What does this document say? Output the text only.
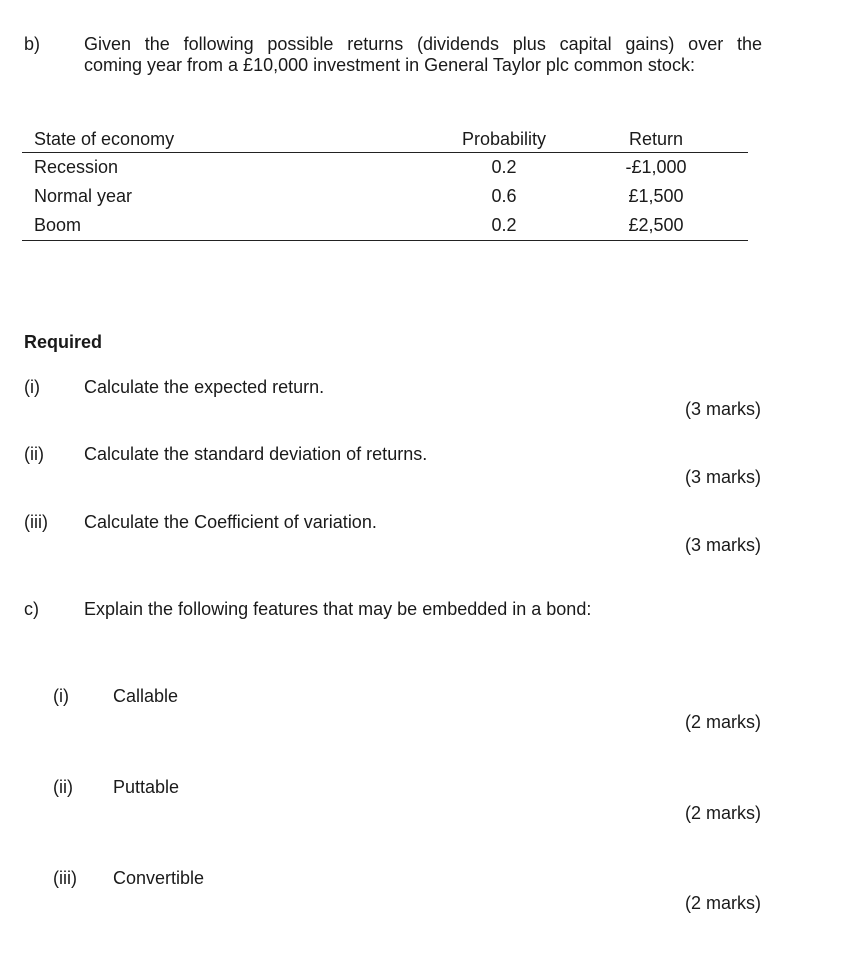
b) Given the following possible returns (dividends plus capital gains) over the
coming year from a £10,000 investment in General Taylor plc common stock:
State of economy	Probability	Return
Recession	0.2	-£1,000
Normal year	0.6	£1,500
Boom	0.2	£2,500
Required
(i) Calculate the expected return.
(3 marks)
(ii) Calculate the standard deviation of returns.
(3 marks)
(iii) Calculate the Coefficient of variation.
(3 marks)
c)	Explain the following features that may be embedded in a bond:
(i) Callable
(2 marks)
(ii) Puttable
(2 marks)
(iii) Convertible
(2 marks)
